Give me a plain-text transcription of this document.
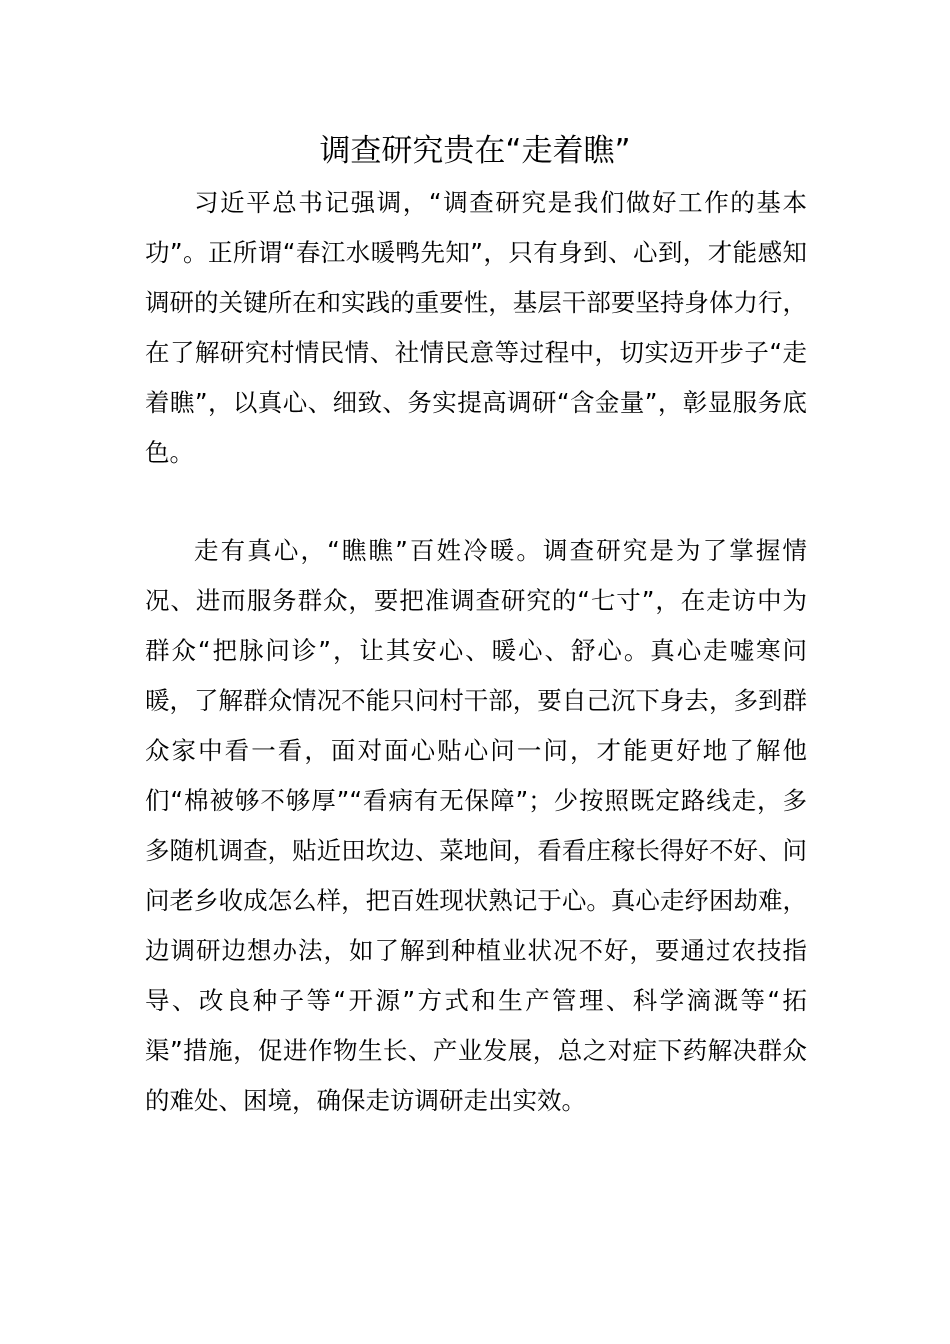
调查研究贵在“走着瞧”

习近平总书记强调，“调查研究是我们做好工作的基本功”。正所谓“春江水暖鸭先知”，只有身到、心到，才能感知调研的关键所在和实践的重要性，基层干部要坚持身体力行，在了解研究村情民情、社情民意等过程中，切实迈开步子“走着瞧”，以真心、细致、务实提高调研“含金量”，彰显服务底色。

走有真心，“瞧瞧”百姓冷暖。调查研究是为了掌握情况、进而服务群众，要把准调查研究的“七寸”，在走访中为群众“把脉问诊”，让其安心、暖心、舒心。真心走嘘寒问暖，了解群众情况不能只问村干部，要自己沉下身去，多到群众家中看一看，面对面心贴心问一问，才能更好地了解他们“棉被够不够厚”“看病有无保障”；少按照既定路线走，多多随机调查，贴近田坎边、菜地间，看看庄稼长得好不好、问问老乡收成怎么样，把百姓现状熟记于心。真心走纾困劫难，边调研边想办法，如了解到种植业状况不好，要通过农技指导、改良种子等“开源”方式和生产管理、科学滴溉等“拓渠”措施，促进作物生长、产业发展，总之对症下药解决群众的难处、困境，确保走访调研走出实效。
